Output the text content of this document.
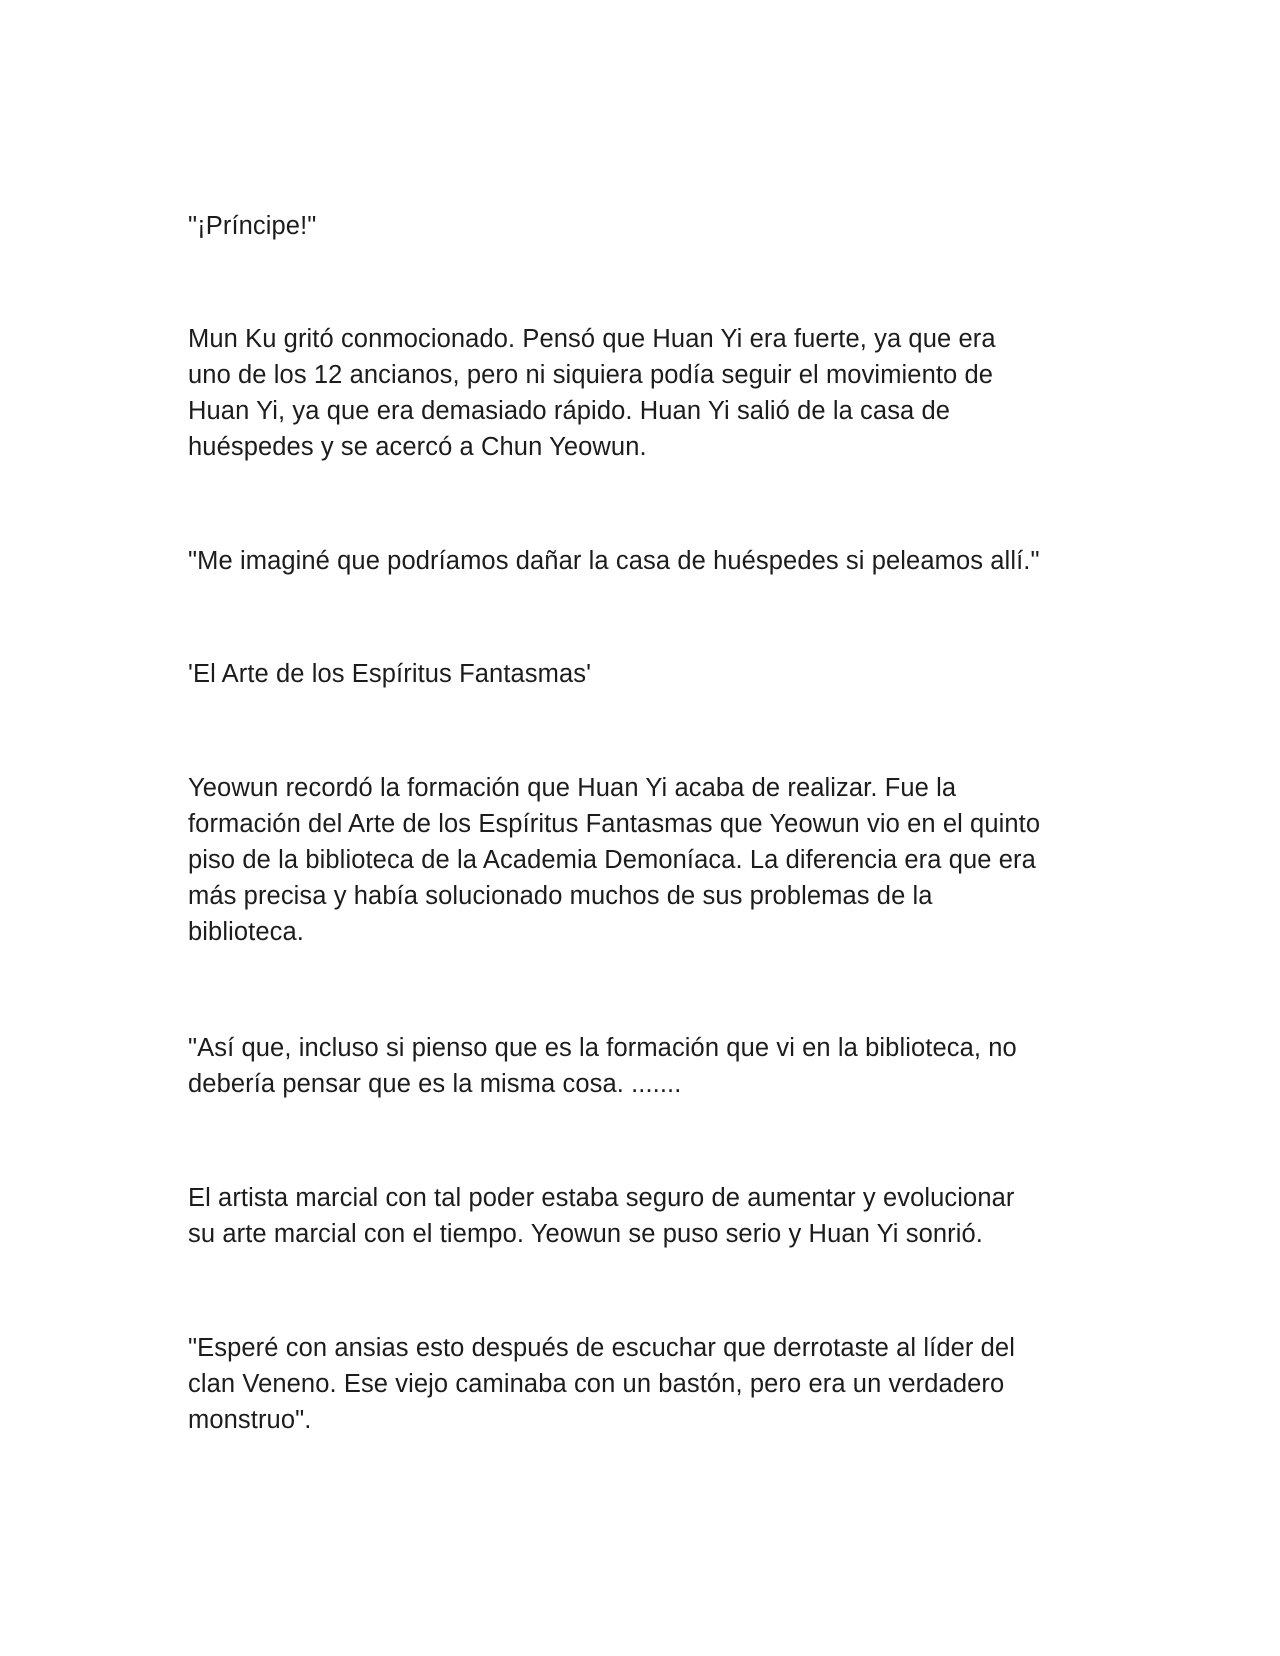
"¡Príncipe!"

Mun Ku gritó conmocionado. Pensó que Huan Yi era fuerte, ya que era
uno de los 12 ancianos, pero ni siquiera podía seguir el movimiento de
Huan Yi, ya que era demasiado rápido. Huan Yi salió de la casa de
huéspedes y se acercó a Chun Yeowun.

"Me imaginé que podríamos dañar la casa de huéspedes si peleamos allí."

'El Arte de los Espíritus Fantasmas'

Yeowun recordó la formación que Huan Yi acaba de realizar. Fue la
formación del Arte de los Espíritus Fantasmas que Yeowun vio en el quinto
piso de la biblioteca de la Academia Demoníaca. La diferencia era que era
más precisa y había solucionado muchos de sus problemas de la
biblioteca.

"Así que, incluso si pienso que es la formación que vi en la biblioteca, no
debería pensar que es la misma cosa. .......

El artista marcial con tal poder estaba seguro de aumentar y evolucionar
su arte marcial con el tiempo. Yeowun se puso serio y Huan Yi sonrió.

"Esperé con ansias esto después de escuchar que derrotaste al líder del
clan Veneno. Ese viejo caminaba con un bastón, pero era un verdadero
monstruo".
